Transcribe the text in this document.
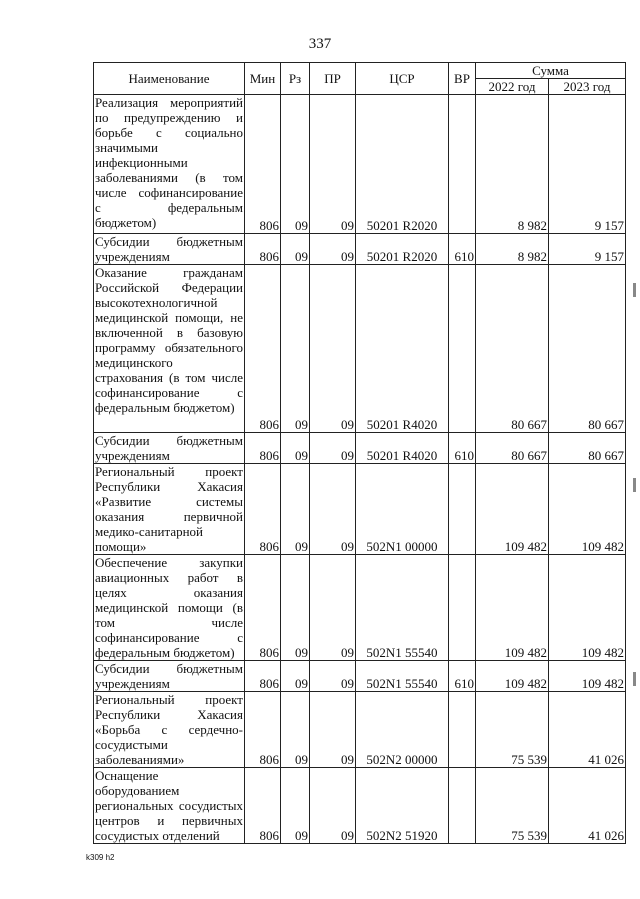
337
Наименование	Мин	Рз	ПР	ЦСР	ВР	Сумма	
						2022 год	2023 год
Реализация мероприятий по предупреждению и борьбе с социально значимыми инфекционными заболеваниями (в том числе софинансирование с федеральным бюджетом)	806	09	09	50201 R2020		8 982	9 157
Субсидии бюджетным учреждениям	806	09	09	50201 R2020	610	8 982	9 157
Оказание гражданам Российской Федерации высокотехнологичной медицинской помощи, не включенной в базовую программу обязательного медицинского страхования (в том числе софинансирование с федеральным бюджетом)	806	09	09	50201 R4020		80 667	80 667
Субсидии бюджетным учреждениям	806	09	09	50201 R4020	610	80 667	80 667
Региональный проект Республики Хакасия «Развитие системы оказания первичной медико-санитарной помощи»	806	09	09	502N1 00000		109 482	109 482
Обеспечение закупки авиационных работ в целях оказания медицинской помощи (в том числе софинансирование с федеральным бюджетом)	806	09	09	502N1 55540		109 482	109 482
Субсидии бюджетным учреждениям	806	09	09	502N1 55540	610	109 482	109 482
Региональный проект Республики Хакасия «Борьба с сердечно-сосудистыми заболеваниями»	806	09	09	502N2 00000		75 539	41 026
Оснащение оборудованием региональных сосудистых центров и первичных сосудистых отделений	806	09	09	502N2 51920		75 539	41 026
k309 h2
